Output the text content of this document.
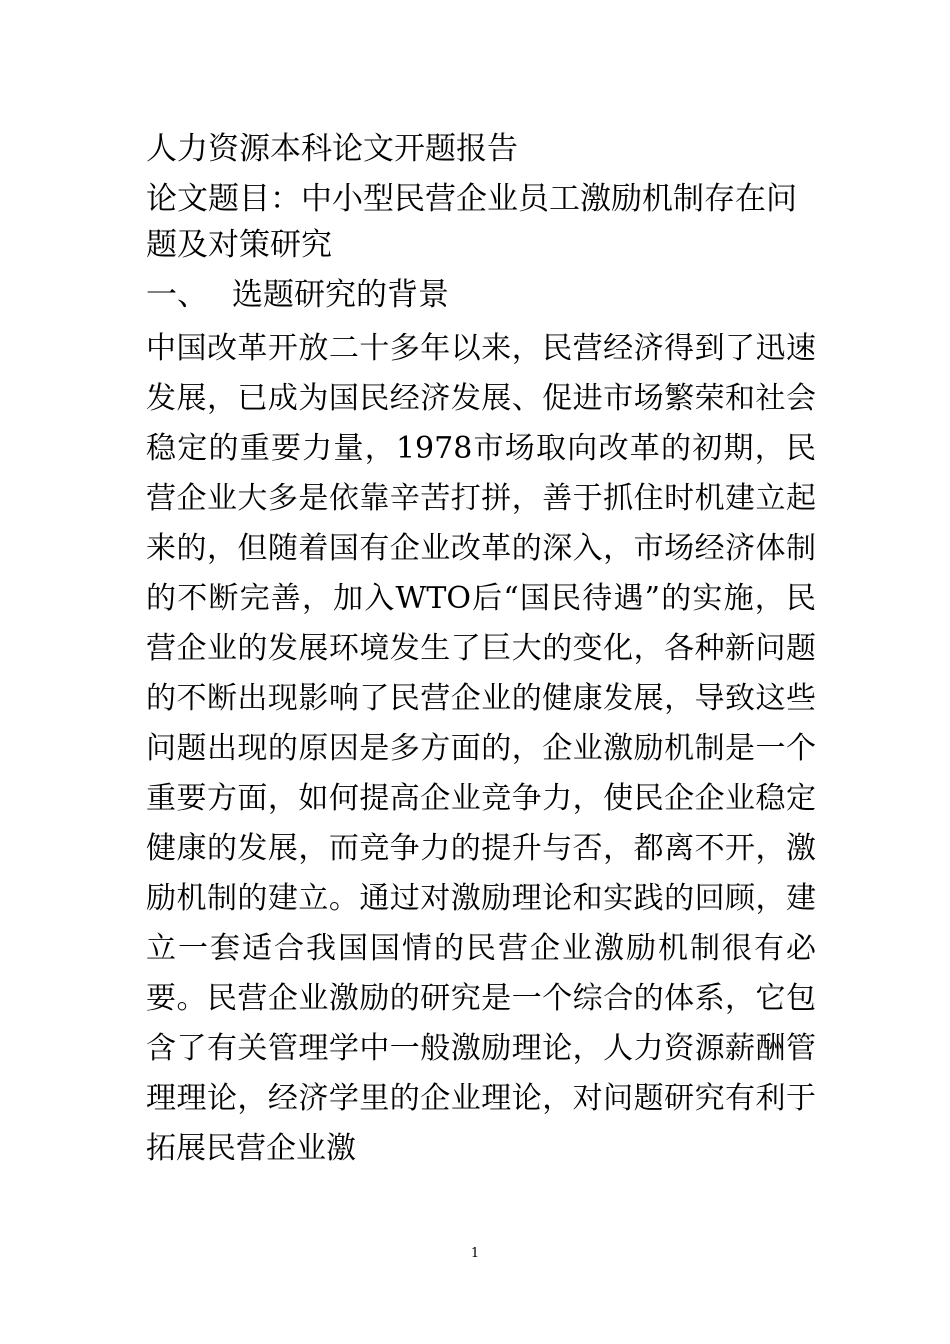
人力资源本科论文开题报告
论文题目：中小型民营企业员工激励机制存在问题及对策研究
一、 选题研究的背景

中国改革开放二十多年以来，民营经济得到了迅速发展，已成为国民经济发展、促进市场繁荣和社会稳定的重要力量，1978市场取向改革的初期，民营企业大多是依靠辛苦打拼，善于抓住时机建立起来的，但随着国有企业改革的深入，市场经济体制的不断完善，加入WTO后“国民待遇”的实施，民营企业的发展环境发生了巨大的变化，各种新问题的不断出现影响了民营企业的健康发展，导致这些问题出现的原因是多方面的，企业激励机制是一个重要方面，如何提高企业竞争力，使民企企业稳定健康的发展，而竞争力的提升与否，都离不开，激励机制的建立。通过对激励理论和实践的回顾，建立一套适合我国国情的民营企业激励机制很有必要。民营企业激励的研究是一个综合的体系，它包含了有关管理学中一般激励理论，人力资源薪酬管理理论，经济学里的企业理论，对问题研究有利于拓展民营企业激

1
